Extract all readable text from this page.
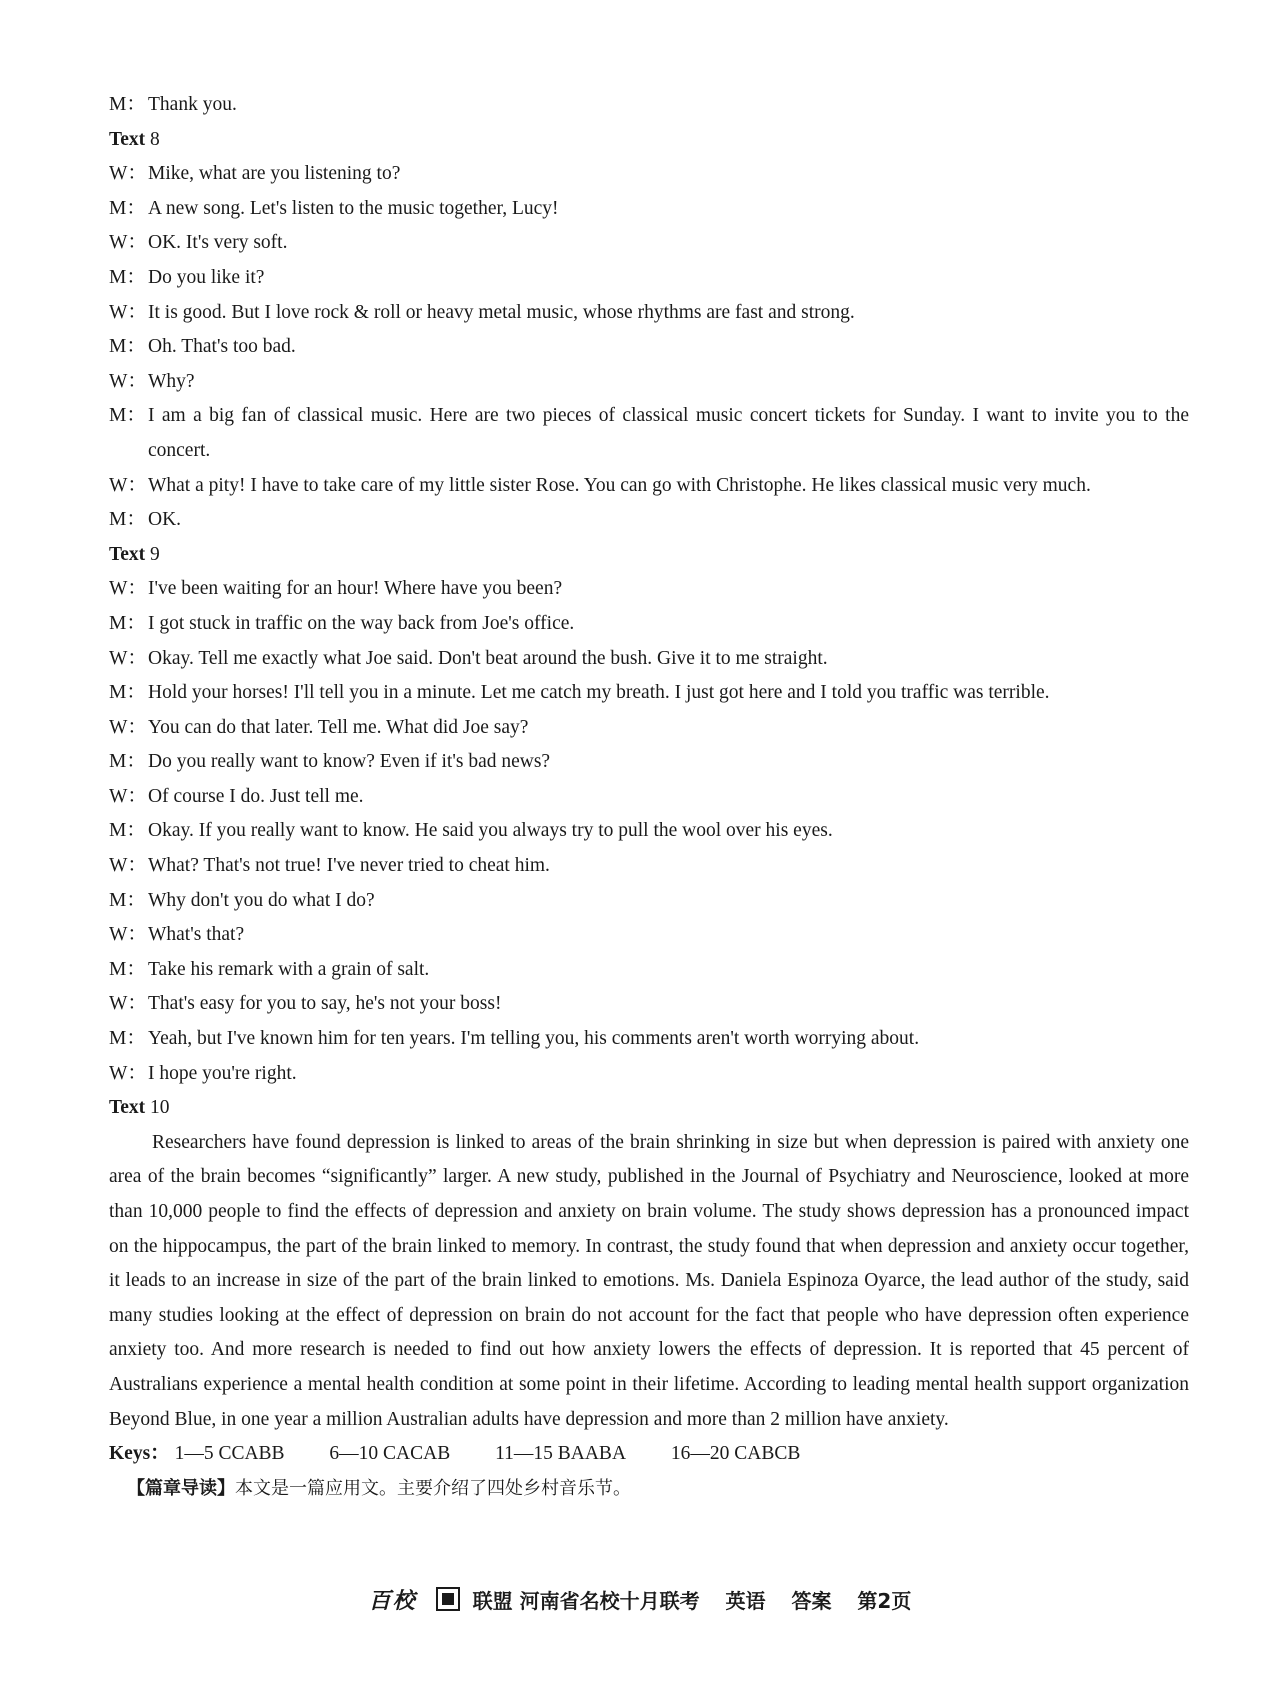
M： Thank you.
Text 8
W：Mike, what are you listening to?
M： A new song. Let's listen to the music together, Lucy!
W：OK. It's very soft.
M： Do you like it?
W：It is good. But I love rock & roll or heavy metal music, whose rhythms are fast and strong.
M： Oh. That's too bad.
W：Why?
M： I am a big fan of classical music. Here are two pieces of classical music concert tickets for Sunday. I want to invite you to the concert.
W：What a pity! I have to take care of my little sister Rose. You can go with Christophe. He likes classical music very much.
M： OK.
Text 9
W：I've been waiting for an hour! Where have you been?
M： I got stuck in traffic on the way back from Joe's office.
W：Okay. Tell me exactly what Joe said. Don't beat around the bush. Give it to me straight.
M： Hold your horses! I'll tell you in a minute. Let me catch my breath. I just got here and I told you traffic was terrible.
W：You can do that later. Tell me. What did Joe say?
M： Do you really want to know? Even if it's bad news?
W：Of course I do. Just tell me.
M： Okay. If you really want to know. He said you always try to pull the wool over his eyes.
W：What? That's not true! I've never tried to cheat him.
M： Why don't you do what I do?
W：What's that?
M： Take his remark with a grain of salt.
W：That's easy for you to say, he's not your boss!
M： Yeah, but I've known him for ten years. I'm telling you, his comments aren't worth worrying about.
W：I hope you're right.
Text 10
Researchers have found depression is linked to areas of the brain shrinking in size but when depression is paired with anxiety one area of the brain becomes “significantly” larger. A new study, published in the Journal of Psychiatry and Neuroscience, looked at more than 10,000 people to find the effects of depression and anxiety on brain volume. The study shows depression has a pronounced impact on the hippocampus, the part of the brain linked to memory. In contrast, the study found that when depression and anxiety occur together, it leads to an increase in size of the part of the brain linked to emotions. Ms. Daniela Espinoza Oyarce, the lead author of the study, said many studies looking at the effect of depression on brain do not account for the fact that people who have depression often experience anxiety too. And more research is needed to find out how anxiety lowers the effects of depression. It is reported that 45 percent of Australians experience a mental health condition at some point in their lifetime. According to leading mental health support organization Beyond Blue, in one year a million Australian adults have depression and more than 2 million have anxiety.
Keys： 1—5 CCABB 6—10 CACAB 11—15 BAABA 16—20 CABCB
【篇章导读】本文是一篇应用文。主要介绍了四处乡村音乐节。
百校	联盟 河南省名校十月联考 英语 答案 第2页
